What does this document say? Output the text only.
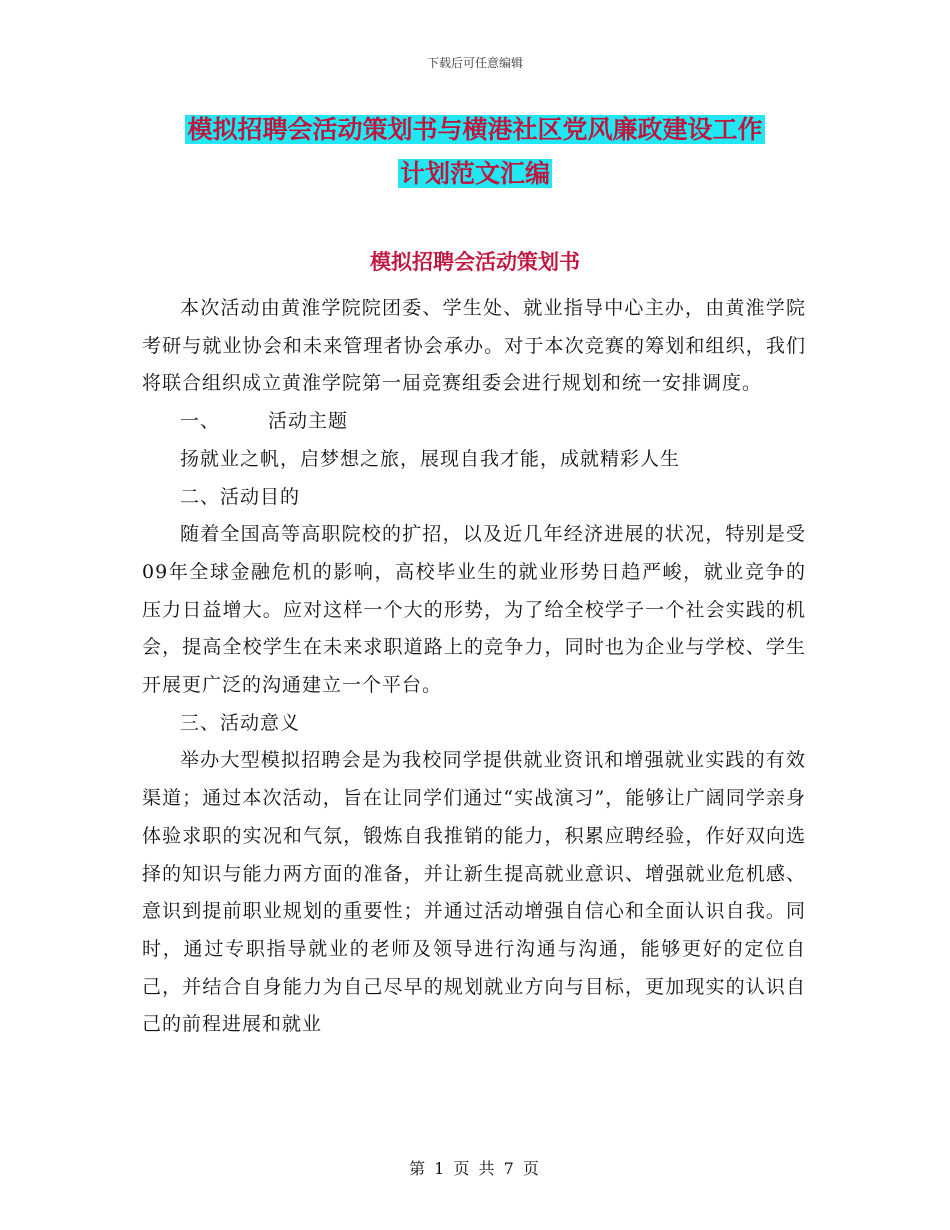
下载后可任意编辑
模拟招聘会活动策划书与横港社区党风廉政建设工作
计划范文汇编
模拟招聘会活动策划书

本次活动由黄淮学院院团委、学生处、就业指导中心主办，由黄淮学院考研与就业协会和未来管理者协会承办。对于本次竞赛的筹划和组织，我们将联合组织成立黄淮学院第一届竞赛组委会进行规划和统一安排调度。

一、	活动主题

扬就业之帆，启梦想之旅，展现自我才能，成就精彩人生

二、活动目的

随着全国高等高职院校的扩招，以及近几年经济进展的状况，特别是受09年全球金融危机的影响，高校毕业生的就业形势日趋严峻，就业竞争的压力日益增大。应对这样一个大的形势，为了给全校学子一个社会实践的机会，提高全校学生在未来求职道路上的竞争力，同时也为企业与学校、学生开展更广泛的沟通建立一个平台。

三、活动意义

举办大型模拟招聘会是为我校同学提供就业资讯和增强就业实践的有效渠道；通过本次活动，旨在让同学们通过“实战演习”，能够让广阔同学亲身体验求职的实况和气氛，锻炼自我推销的能力，积累应聘经验，作好双向选择的知识与能力两方面的准备，并让新生提高就业意识、增强就业危机感、意识到提前职业规划的重要性；并通过活动增强自信心和全面认识自我。同时，通过专职指导就业的老师及领导进行沟通与沟通，能够更好的定位自己，并结合自身能力为自己尽早的规划就业方向与目标，更加现实的认识自己的前程进展和就业

第 1 页 共 7 页
